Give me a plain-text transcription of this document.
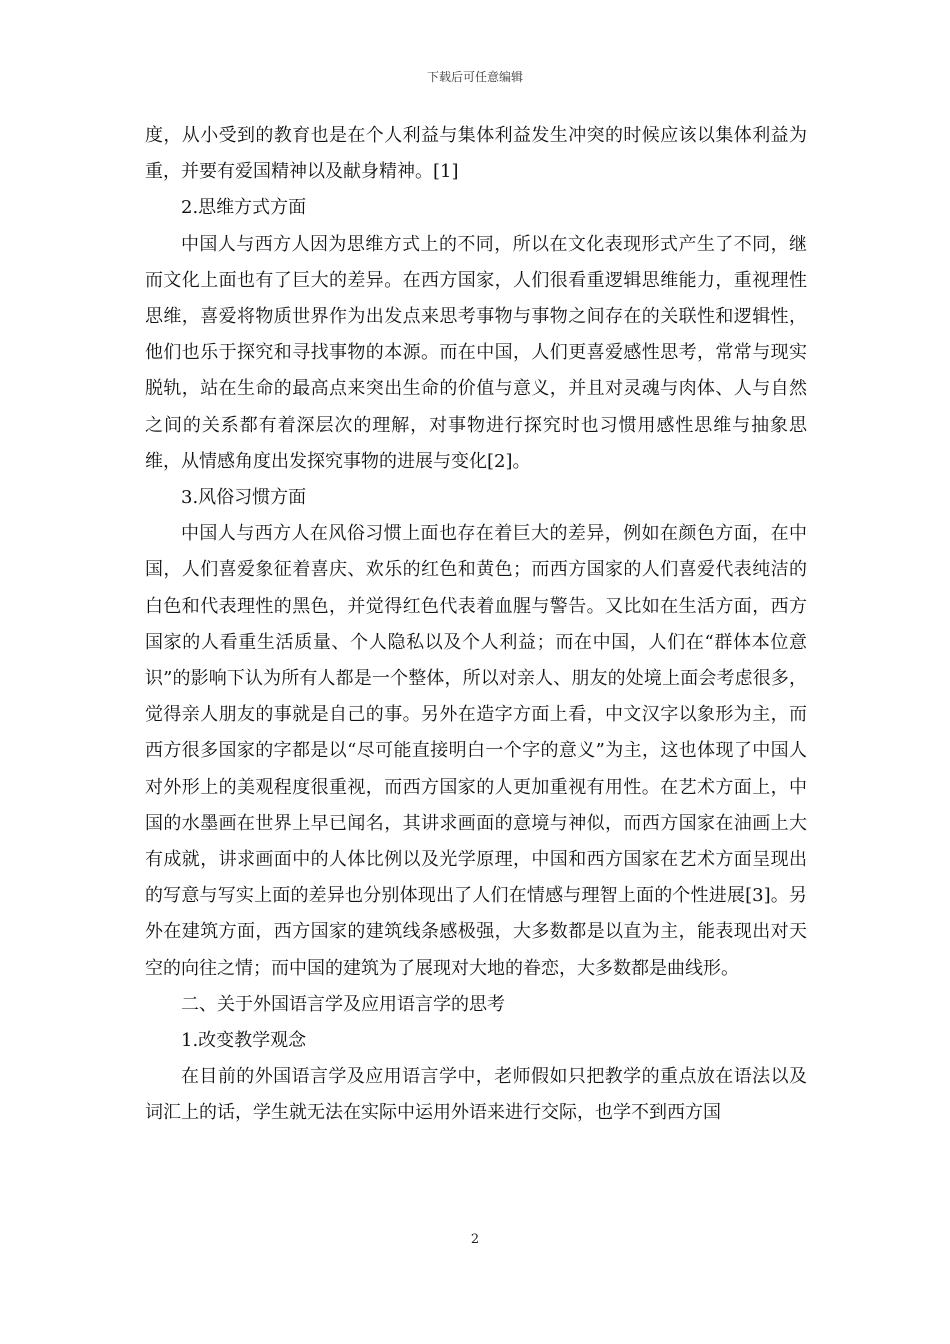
下载后可任意编辑

度，从小受到的教育也是在个人利益与集体利益发生冲突的时候应该以集体利益为重，并要有爱国精神以及献身精神。[1]

2.思维方式方面

中国人与西方人因为思维方式上的不同，所以在文化表现形式产生了不同，继而文化上面也有了巨大的差异。在西方国家，人们很看重逻辑思维能力，重视理性思维，喜爱将物质世界作为出发点来思考事物与事物之间存在的关联性和逻辑性，他们也乐于探究和寻找事物的本源。而在中国，人们更喜爱感性思考，常常与现实脱轨，站在生命的最高点来突出生命的价值与意义，并且对灵魂与肉体、人与自然之间的关系都有着深层次的理解，对事物进行探究时也习惯用感性思维与抽象思维，从情感角度出发探究事物的进展与变化[2]。

3.风俗习惯方面

中国人与西方人在风俗习惯上面也存在着巨大的差异，例如在颜色方面，在中国，人们喜爱象征着喜庆、欢乐的红色和黄色；而西方国家的人们喜爱代表纯洁的白色和代表理性的黑色，并觉得红色代表着血腥与警告。又比如在生活方面，西方国家的人看重生活质量、个人隐私以及个人利益；而在中国，人们在“群体本位意识”的影响下认为所有人都是一个整体，所以对亲人、朋友的处境上面会考虑很多，觉得亲人朋友的事就是自己的事。另外在造字方面上看，中文汉字以象形为主，而西方很多国家的字都是以“尽可能直接明白一个字的意义”为主，这也体现了中国人对外形上的美观程度很重视，而西方国家的人更加重视有用性。在艺术方面上，中国的水墨画在世界上早已闻名，其讲求画面的意境与神似，而西方国家在油画上大有成就，讲求画面中的人体比例以及光学原理，中国和西方国家在艺术方面呈现出的写意与写实上面的差异也分别体现出了人们在情感与理智上面的个性进展[3]。另外在建筑方面，西方国家的建筑线条感极强，大多数都是以直为主，能表现出对天空的向往之情；而中国的建筑为了展现对大地的眷恋，大多数都是曲线形。

二、关于外国语言学及应用语言学的思考

1.改变教学观念

在目前的外国语言学及应用语言学中，老师假如只把教学的重点放在语法以及词汇上的话，学生就无法在实际中运用外语来进行交际，也学不到西方国

2
